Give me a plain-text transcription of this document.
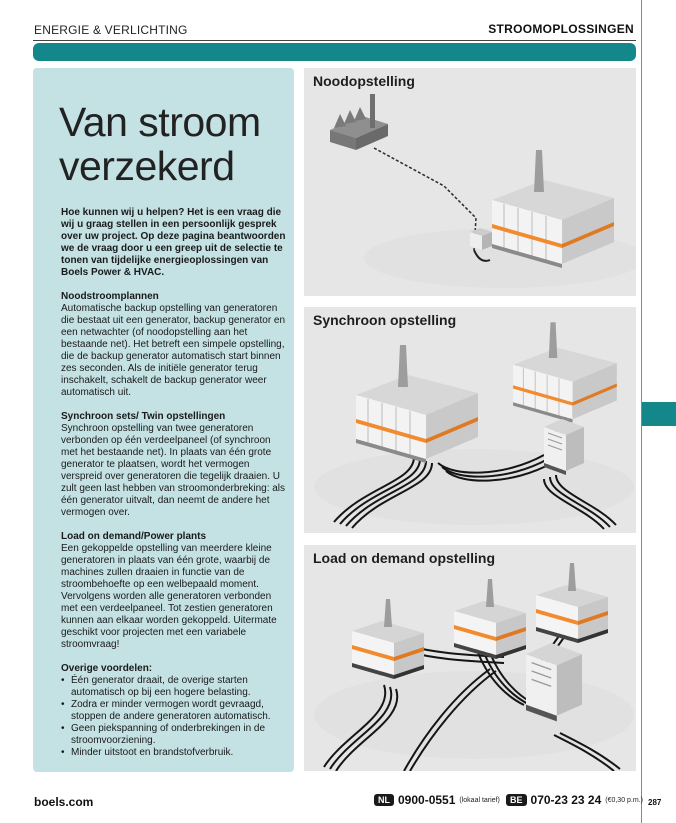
ENERGIE & VERLICHTING	STROOMOPLOSSINGEN
Van stroom verzekerd

Hoe kunnen wij u helpen? Het is een vraag die wij u graag stellen in een persoonlijk gesprek over uw project. Op deze pagina beantwoorden we de vraag door u een greep uit de selectie te tonen van tijdelijke energieoplossingen van Boels Power & HVAC.

Noodstroomplannen

Automatische backup opstelling van generatoren die bestaat uit een generator, backup generator en een netwachter (of noodopstelling aan het bestaande net). Het betreft een simpele opstelling, die de backup generator automatisch start binnen zes seconden. Als de initiële generator terug inschakelt, schakelt de backup generator weer automatisch uit.

Synchroon sets/ Twin opstellingen

Synchroon opstelling van twee generatoren verbonden op één verdeelpaneel (of synchroon met het bestaande net). In plaats van één grote generator te plaatsen, wordt het vermogen verspreid over generatoren die tegelijk draaien. U zult geen last hebben van stroomonderbreking: als één generator uitvalt, dan neemt de andere het vermogen over.

Load on demand/Power plants

Een gekoppelde opstelling van meerdere kleine generatoren in plaats van één grote, waarbij de machines zullen draaien in functie van de stroombehoefte op een welbepaald moment. Vervolgens worden alle generatoren verbonden met een verdeelpaneel. Tot zestien generatoren kunnen aan elkaar worden gekoppeld. Uitermate geschikt voor projecten met een variabele stroomvraag!

Overige voordelen:
• Één generator draait, de overige starten automatisch op bij een hogere belasting.
• Zodra er minder vermogen wordt gevraagd, stoppen de andere generatoren automatisch.
• Geen piekspanning of onderbrekingen in de stroomvoorziening.
• Minder uitstoot en brandstofverbruik.
Noodopstelling
Synchroon opstelling
Load on demand opstelling
boels.com	NL 0900-0551 (lokaal tarief)	BE 070-23 23 24 (€0,30 p.m.) 287
